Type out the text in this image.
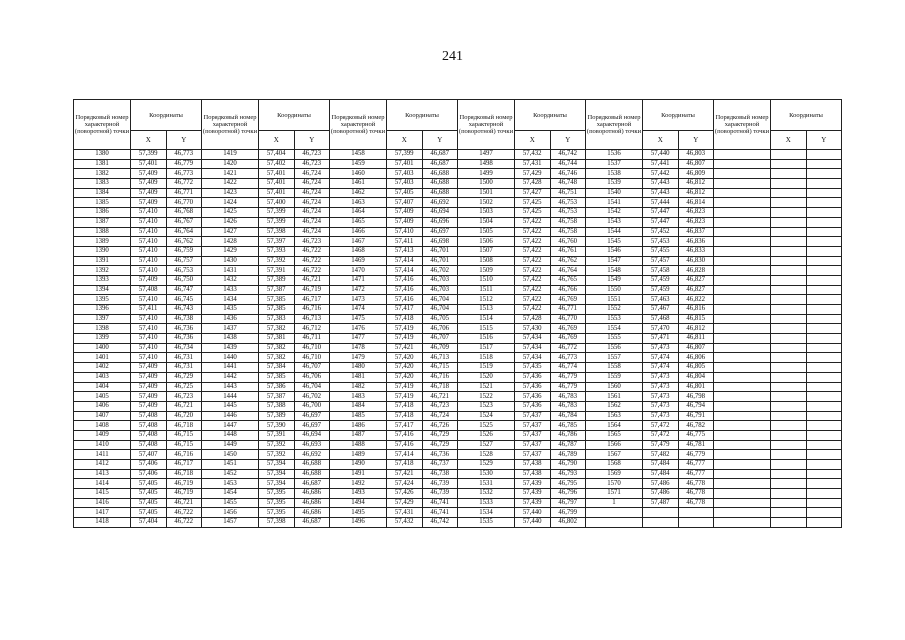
241
Порядковый номер характерной (поворотной) точки	Координаты		Порядковый номер характерной (поворотной) точки	Координаты		Порядковый номер характерной (поворотной) точки	Координаты		Порядковый номер характерной (поворотной) точки	Координаты		Порядковый номер характерной (поворотной) точки	Координаты		Порядковый номер характерной (поворотной) точки	Координаты	
	X	Y		X	Y		X	Y		X	Y		X	Y		X	Y
1380	57,399	46,773	1419	57,404	46,723	1458	57,399	46,687	1497	57,432	46,742	1536	57,440	46,803			
1381	57,401	46,779	1420	57,402	46,723	1459	57,401	46,687	1498	57,431	46,744	1537	57,441	46,807			
1382	57,409	46,773	1421	57,401	46,724	1460	57,403	46,688	1499	57,429	46,746	1538	57,442	46,809			
1383	57,409	46,772	1422	57,401	46,724	1461	57,403	46,688	1500	57,428	46,748	1539	57,443	46,812			
1384	57,409	46,771	1423	57,401	46,724	1462	57,405	46,688	1501	57,427	46,751	1540	57,443	46,812			
1385	57,409	46,770	1424	57,400	46,724	1463	57,407	46,692	1502	57,425	46,753	1541	57,444	46,814			
1386	57,410	46,768	1425	57,399	46,724	1464	57,409	46,694	1503	57,425	46,753	1542	57,447	46,823			
1387	57,410	46,767	1426	57,399	46,724	1465	57,409	46,696	1504	57,422	46,758	1543	57,447	46,823			
1388	57,410	46,764	1427	57,398	46,724	1466	57,410	46,697	1505	57,422	46,758	1544	57,452	46,837			
1389	57,410	46,762	1428	57,397	46,723	1467	57,411	46,698	1506	57,422	46,760	1545	57,453	46,836			
1390	57,410	46,759	1429	57,393	46,722	1468	57,413	46,701	1507	57,422	46,761	1546	57,455	46,833			
1391	57,410	46,757	1430	57,392	46,722	1469	57,414	46,701	1508	57,422	46,762	1547	57,457	46,830			
1392	57,410	46,753	1431	57,391	46,722	1470	57,414	46,702	1509	57,422	46,764	1548	57,458	46,828			
1393	57,409	46,750	1432	57,389	46,721	1471	57,416	46,703	1510	57,422	46,765	1549	57,459	46,827			
1394	57,408	46,747	1433	57,387	46,719	1472	57,416	46,703	1511	57,422	46,766	1550	57,459	46,827			
1395	57,410	46,745	1434	57,385	46,717	1473	57,416	46,704	1512	57,422	46,769	1551	57,463	46,822			
1396	57,411	46,743	1435	57,385	46,716	1474	57,417	46,704	1513	57,422	46,771	1552	57,467	46,816			
1397	57,410	46,738	1436	57,383	46,713	1475	57,418	46,705	1514	57,428	46,770	1553	57,468	46,815			
1398	57,410	46,736	1437	57,382	46,712	1476	57,419	46,706	1515	57,430	46,769	1554	57,470	46,812			
1399	57,410	46,736	1438	57,381	46,711	1477	57,419	46,707	1516	57,434	46,769	1555	57,471	46,811			
1400	57,410	46,734	1439	57,382	46,710	1478	57,421	46,709	1517	57,434	46,772	1556	57,473	46,807			
1401	57,410	46,731	1440	57,382	46,710	1479	57,420	46,713	1518	57,434	46,773	1557	57,474	46,806			
1402	57,409	46,731	1441	57,384	46,707	1480	57,420	46,715	1519	57,435	46,774	1558	57,474	46,805			
1403	57,409	46,729	1442	57,385	46,706	1481	57,420	46,716	1520	57,436	46,779	1559	57,473	46,804			
1404	57,409	46,725	1443	57,386	46,704	1482	57,419	46,718	1521	57,436	46,779	1560	57,473	46,801			
1405	57,409	46,723	1444	57,387	46,702	1483	57,419	46,721	1522	57,436	46,783	1561	57,473	46,798			
1406	57,409	46,721	1445	57,388	46,700	1484	57,418	46,723	1523	57,436	46,783	1562	57,473	46,794			
1407	57,408	46,720	1446	57,389	46,697	1485	57,418	46,724	1524	57,437	46,784	1563	57,473	46,791			
1408	57,408	46,718	1447	57,390	46,697	1486	57,417	46,726	1525	57,437	46,785	1564	57,472	46,782			
1409	57,408	46,715	1448	57,391	46,694	1487	57,416	46,729	1526	57,437	46,786	1565	57,472	46,775			
1410	57,408	46,715	1449	57,392	46,693	1488	57,416	46,729	1527	57,437	46,787	1566	57,479	46,781			
1411	57,407	46,716	1450	57,392	46,692	1489	57,414	46,736	1528	57,437	46,789	1567	57,482	46,779			
1412	57,406	46,717	1451	57,394	46,688	1490	57,418	46,737	1529	57,438	46,790	1568	57,484	46,777			
1413	57,406	46,718	1452	57,394	46,688	1491	57,421	46,738	1530	57,438	46,793	1569	57,484	46,777			
1414	57,405	46,719	1453	57,394	46,687	1492	57,424	46,739	1531	57,439	46,795	1570	57,486	46,778			
1415	57,405	46,719	1454	57,395	46,686	1493	57,426	46,739	1532	57,439	46,796	1571	57,486	46,778			
1416	57,405	46,721	1455	57,395	46,686	1494	57,429	46,741	1533	57,439	46,797	1	57,487	46,778			
1417	57,405	46,722	1456	57,395	46,686	1495	57,431	46,741	1534	57,440	46,799						
1418	57,404	46,722	1457	57,398	46,687	1496	57,432	46,742	1535	57,440	46,802						
